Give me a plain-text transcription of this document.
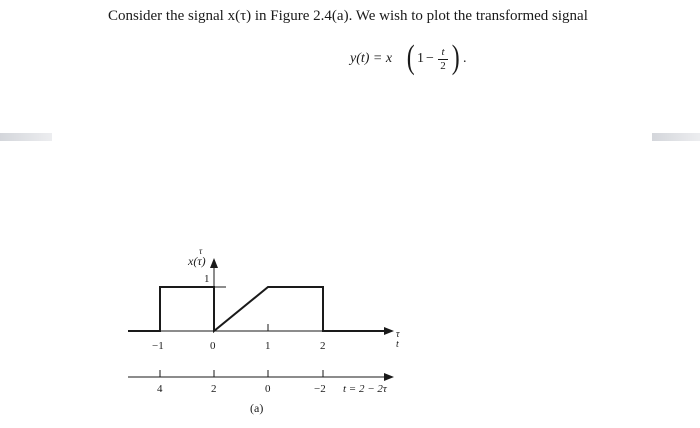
Consider the signal x(τ) in Figure 2.4(a). We wish to plot the transformed signal
y(t) = x ( 1 − t
2 ) .
x(τ)
τ
1
−1	0	1	2
τ
t
4	2	0	−2 t = 2 − 2τ
(a)
